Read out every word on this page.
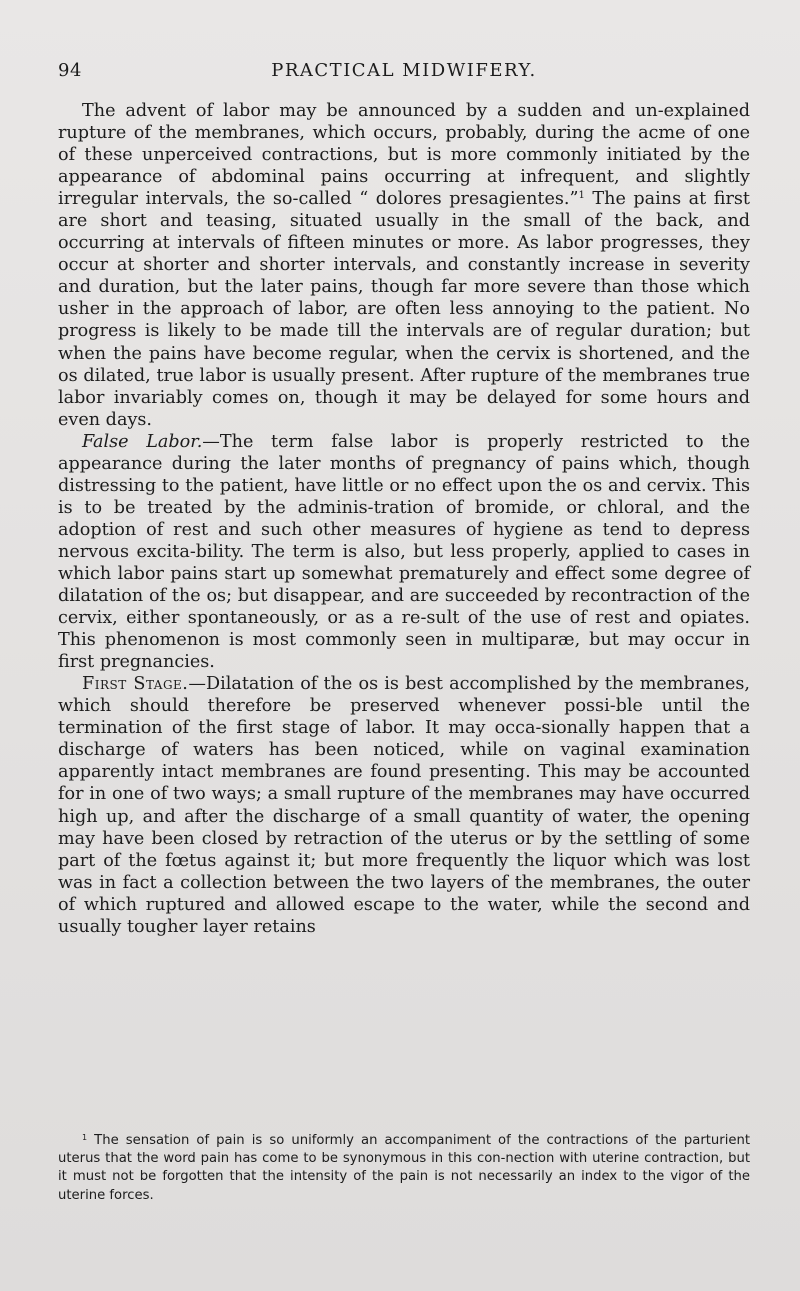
94	PRACTICAL MIDWIFERY.

The advent of labor may be announced by a sudden and un-explained rupture of the membranes, which occurs, probably, during the acme of one of these unperceived contractions, but is more commonly initiated by the appearance of abdominal pains occurring at infrequent, and slightly irregular intervals, the so-called “ dolores presagientes.”$^1$ The pains at first are short and teasing, situated usually in the small of the back, and occurring at intervals of fifteen minutes or more. As labor progresses, they occur at shorter and shorter intervals, and constantly increase in severity and duration, but the later pains, though far more severe than those which usher in the approach of labor, are often less annoying to the patient. No progress is likely to be made till the intervals are of regular duration; but when the pains have become regular, when the cervix is shortened, and the os dilated, true labor is usually present. After rupture of the membranes true labor invariably comes on, though it may be delayed for some hours and even days.

False Labor.—The term false labor is properly restricted to the appearance during the later months of pregnancy of pains which, though distressing to the patient, have little or no effect upon the os and cervix. This is to be treated by the adminis-tration of bromide, or chloral, and the adoption of rest and such other measures of hygiene as tend to depress nervous excita-bility. The term is also, but less properly, applied to cases in which labor pains start up somewhat prematurely and effect some degree of dilatation of the os; but disappear, and are succeeded by recontraction of the cervix, either spontaneously, or as a re-sult of the use of rest and opiates. This phenomenon is most commonly seen in multiparæ, but may occur in first pregnancies.

First Stage.—Dilatation of the os is best accomplished by the membranes, which should therefore be preserved whenever possi-ble until the termination of the first stage of labor. It may occa-sionally happen that a discharge of waters has been noticed, while on vaginal examination apparently intact membranes are found presenting. This may be accounted for in one of two ways; a small rupture of the membranes may have occurred high up, and after the discharge of a small quantity of water, the opening may have been closed by retraction of the uterus or by the settling of some part of the fœtus against it; but more frequently the liquor which was lost was in fact a collection between the two layers of the membranes, the outer of which ruptured and allowed escape to the water, while the second and usually tougher layer retains

$^1$ The sensation of pain is so uniformly an accompaniment of the contractions of the parturient uterus that the word pain has come to be synonymous in this con-nection with uterine contraction, but it must not be forgotten that the intensity of the pain is not necessarily an index to the vigor of the uterine forces.
